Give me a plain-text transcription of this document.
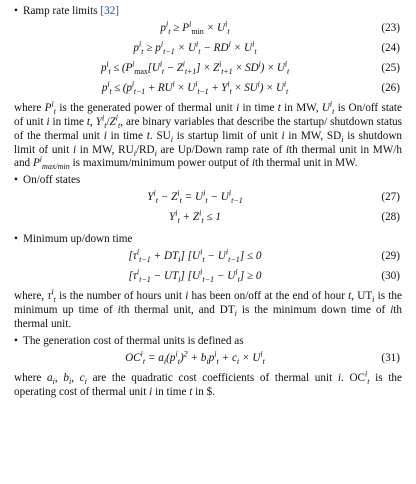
• Ramp rate limits [32]
$p^i_t \ge P^i_{min} \times U^i_t$	(23)
$p^i_t \ge p^i_{t-1} \times U^i_t - RD^i \times U^i_t$	(24)
$p^i_t \le (P^i_{max}[U^i_t - Z^i_{t+1}] \times Z^i_{t+1} \times SD^i) \times U^i_t$	(25)
$p^i_t \le (p^i_{t-1} + RU^i \times U^i_{t-1} + Y^i_t \times SU^i) \times U^i_t$	(26)

where $P^i_t$ is the generated power of thermal unit i in time t in MW, $U^i_t$ is On/off state of unit i in time t, $Y^i_t/Z^i_t$, are binary variables that describe the startup/ shutdown status of the thermal unit i in time t. $SU_i$ is startup limit of unit i in MW, $SD_i$ is shutdown limit of unit i in MW, $RU_i/RD_i$ are Up/Down ramp rate of ith thermal unit in MW/h and $P^i_{max/min}$ is maximum/minimum power output of ith thermal unit in MW.

• On/off states
$Y^i_t - Z^i_t = U^i_t - U^i_{t-1}$	(27)
$Y^i_t + Z^i_t \le 1$	(28)
• Minimum up/down time
$[\tau^i_{t-1} + DT_i] [U^i_t - U^i_{t-1}] \le 0$	(29)
$[\tau^i_{t-1} - UT_i] [U^i_{t-1} - U^i_t] \ge 0$	(30)

where, $\tau^i_t$ is the number of hours unit i has been on/off at the end of hour t, $UT_i$ is the minimum up time of ith thermal unit, and $DT_i$ is the minimum down time of ith thermal unit.

• The generation cost of thermal units is defined as
$OC^i_t = a_i(p^i_t)^2 + b_ip^i_t + c_i \times U^i_t$	(31)

where $a_i$, $b_i$, $c_i$ are the quadratic cost coefficients of thermal unit i. $OC^i_t$ is the operating cost of thermal unit i in time t in $.
